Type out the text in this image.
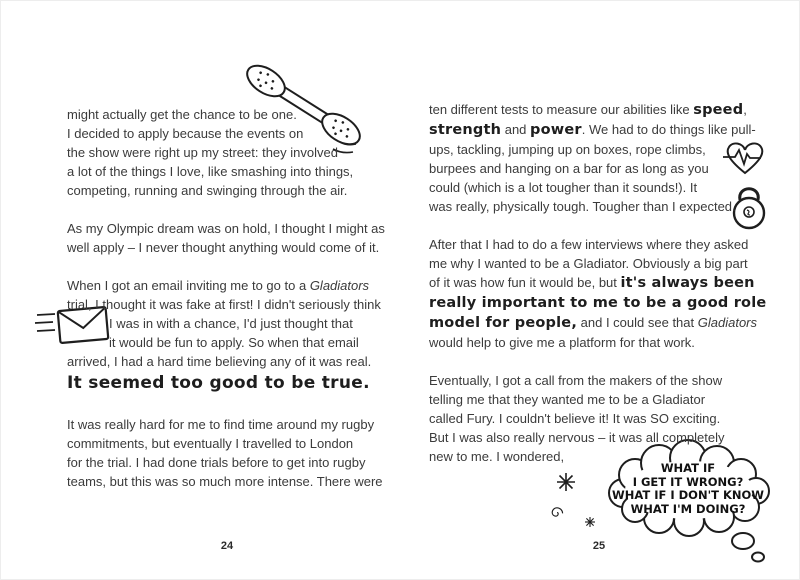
WHAT IF
I GET IT WRONG?
WHAT IF I DON'T KNOW
WHAT I'M DOING?
might actually get the chance to be one.
I decided to apply because the events on
the show were right up my street: they involved
a lot of the things I love, like smashing into things,
competing, running and swinging through the air.
As my Olympic dream was on hold, I thought I might as
well apply – I never thought anything would come of it.
When I got an email inviting me to go to a Gladiators
trial, I thought it was fake at first! I didn't seriously think
I was in with a chance, I'd just thought that
it would be fun to apply. So when that email
arrived, I had a hard time believing any of it was real.
It seemed too good to be true.
It was really hard for me to find time around my rugby
commitments, but eventually I travelled to London
for the trial. I had done trials before to get into rugby
teams, but this was so much more intense. There were
ten different tests to measure our abilities like speed,
strength and power. We had to do things like pull-
ups, tackling, jumping up on boxes, rope climbs,
burpees and hanging on a bar for as long as you
could (which is a lot tougher than it sounds!). It
was really, physically tough. Tougher than I expected.
After that I had to do a few interviews where they asked
me why I wanted to be a Gladiator. Obviously a big part
of it was how fun it would be, but it's always been
really important to me to be a good role
model for people, and I could see that Gladiators
would help to give me a platform for that work.
Eventually, I got a call from the makers of the show
telling me that they wanted me to be a Gladiator
called Fury. I couldn't believe it! It was SO exciting.
But I was also really nervous – it was all completely
new to me. I wondered,
24	25
